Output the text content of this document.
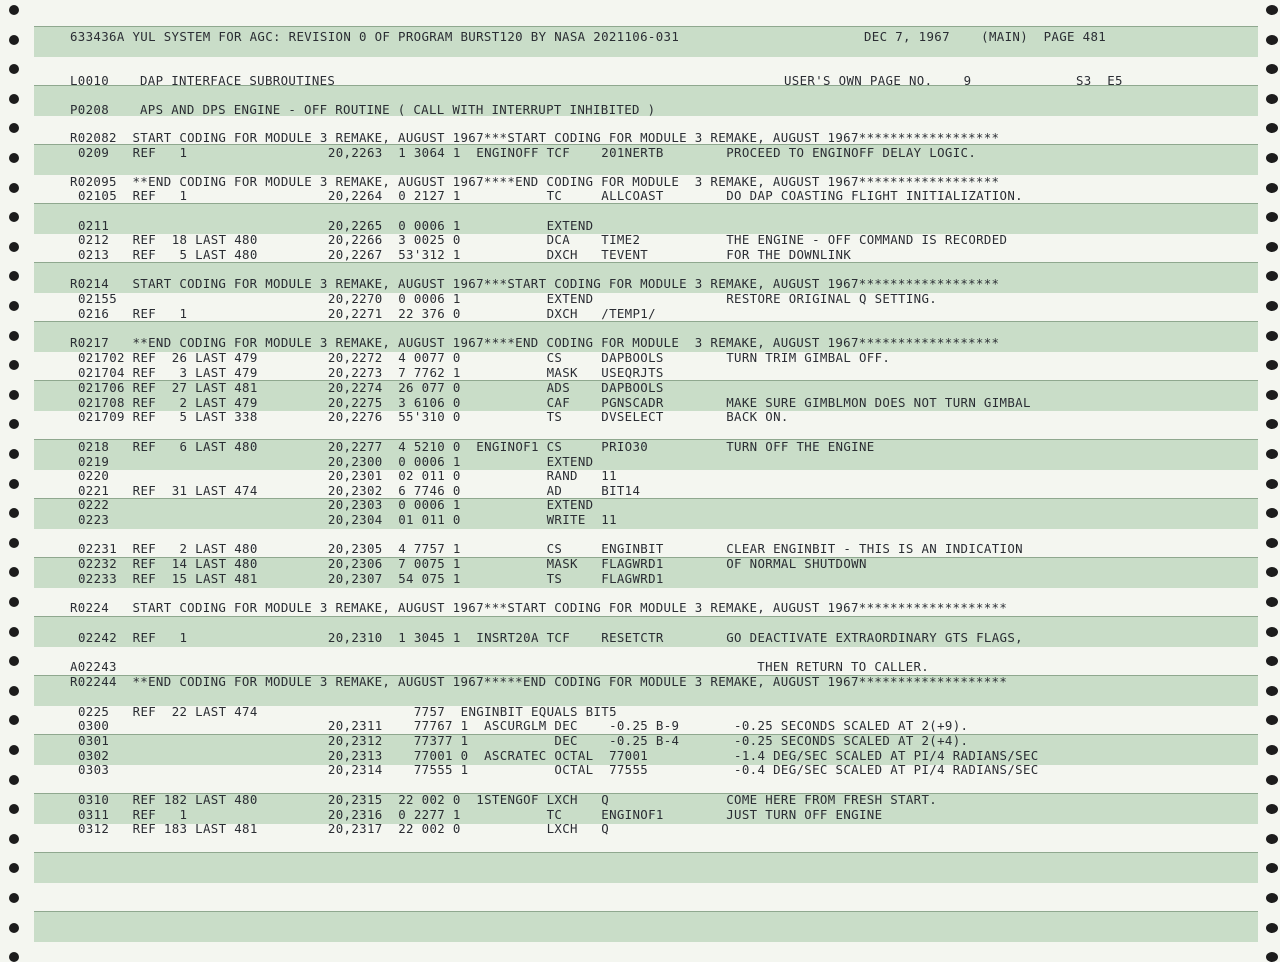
633436A YUL SYSTEM FOR AGC: REVISION 0 OF PROGRAM BURST120 BY NASA 2021106-031	DEC 7, 1967    (MAIN)  PAGE 481
L0010 DAP INTERFACE SUBROUTINES	USER'S OWN PAGE NO.    9	S3  E5
P0208 APS AND DPS ENGINE - OFF ROUTINE ( CALL WITH INTERRUPT INHIBITED )
R02082  START CODING FOR MODULE 3 REMAKE, AUGUST 1967***START CODING FOR MODULE 3 REMAKE, AUGUST 1967******************
0209   REF   1                  20,2263  1 3064 1  ENGINOFF TCF    201NERTB        PROCEED TO ENGINOFF DELAY LOGIC.
R02095  **END CODING FOR MODULE 3 REMAKE, AUGUST 1967****END CODING FOR MODULE  3 REMAKE, AUGUST 1967******************
02105  REF   1                  20,2264  0 2127 1           TC     ALLCOAST        DO DAP COASTING FLIGHT INITIALIZATION.
0211                            20,2265  0 0006 1           EXTEND
0212   REF  18 LAST 480         20,2266  3 0025 0           DCA    TIME2           THE ENGINE - OFF COMMAND IS RECORDED
0213   REF   5 LAST 480         20,2267  53'312 1           DXCH   TEVENT          FOR THE DOWNLINK
R0214   START CODING FOR MODULE 3 REMAKE, AUGUST 1967***START CODING FOR MODULE 3 REMAKE, AUGUST 1967******************
02155                           20,2270  0 0006 1           EXTEND                 RESTORE ORIGINAL Q SETTING.
0216   REF   1                  20,2271  22 376 0           DXCH   /TEMP1/
R0217   **END CODING FOR MODULE 3 REMAKE, AUGUST 1967****END CODING FOR MODULE  3 REMAKE, AUGUST 1967******************
021702 REF  26 LAST 479         20,2272  4 0077 0           CS     DAPBOOLS        TURN TRIM GIMBAL OFF.
021704 REF   3 LAST 479         20,2273  7 7762 1           MASK   USEQRJTS
021706 REF  27 LAST 481         20,2274  26 077 0           ADS    DAPBOOLS
021708 REF   2 LAST 479         20,2275  3 6106 0           CAF    PGNSCADR        MAKE SURE GIMBLMON DOES NOT TURN GIMBAL
021709 REF   5 LAST 338         20,2276  55'310 0           TS     DVSELECT        BACK ON.
0218   REF   6 LAST 480         20,2277  4 5210 0  ENGINOF1 CS     PRIO30          TURN OFF THE ENGINE
0219                            20,2300  0 0006 1           EXTEND
0220                            20,2301  02 011 0           RAND   11
0221   REF  31 LAST 474         20,2302  6 7746 0           AD     BIT14
0222                            20,2303  0 0006 1           EXTEND
0223                            20,2304  01 011 0           WRITE  11
02231  REF   2 LAST 480         20,2305  4 7757 1           CS     ENGINBIT        CLEAR ENGINBIT - THIS IS AN INDICATION
02232  REF  14 LAST 480         20,2306  7 0075 1           MASK   FLAGWRD1        OF NORMAL SHUTDOWN
02233  REF  15 LAST 481         20,2307  54 075 1           TS     FLAGWRD1
R0224   START CODING FOR MODULE 3 REMAKE, AUGUST 1967***START CODING FOR MODULE 3 REMAKE, AUGUST 1967*******************
02242  REF   1                  20,2310  1 3045 1  INSRT20A TCF    RESETCTR        GO DEACTIVATE EXTRAORDINARY GTS FLAGS,
A02243                                                                                  THEN RETURN TO CALLER.
R02244  **END CODING FOR MODULE 3 REMAKE, AUGUST 1967*****END CODING FOR MODULE 3 REMAKE, AUGUST 1967*******************
0225   REF  22 LAST 474                    7757  ENGINBIT EQUALS BIT5
0300                            20,2311    77767 1  ASCURGLM DEC    -0.25 B-9       -0.25 SECONDS SCALED AT 2(+9).
0301                            20,2312    77377 1           DEC    -0.25 B-4       -0.25 SECONDS SCALED AT 2(+4).
0302                            20,2313    77001 0  ASCRATEC OCTAL  77001           -1.4 DEG/SEC SCALED AT PI/4 RADIANS/SEC
0303                            20,2314    77555 1           OCTAL  77555           -0.4 DEG/SEC SCALED AT PI/4 RADIANS/SEC
0310   REF 182 LAST 480         20,2315  22 002 0  1STENGOF LXCH   Q               COME HERE FROM FRESH START.
0311   REF   1                  20,2316  0 2277 1           TC     ENGINOF1        JUST TURN OFF ENGINE
0312   REF 183 LAST 481         20,2317  22 002 0           LXCH   Q
